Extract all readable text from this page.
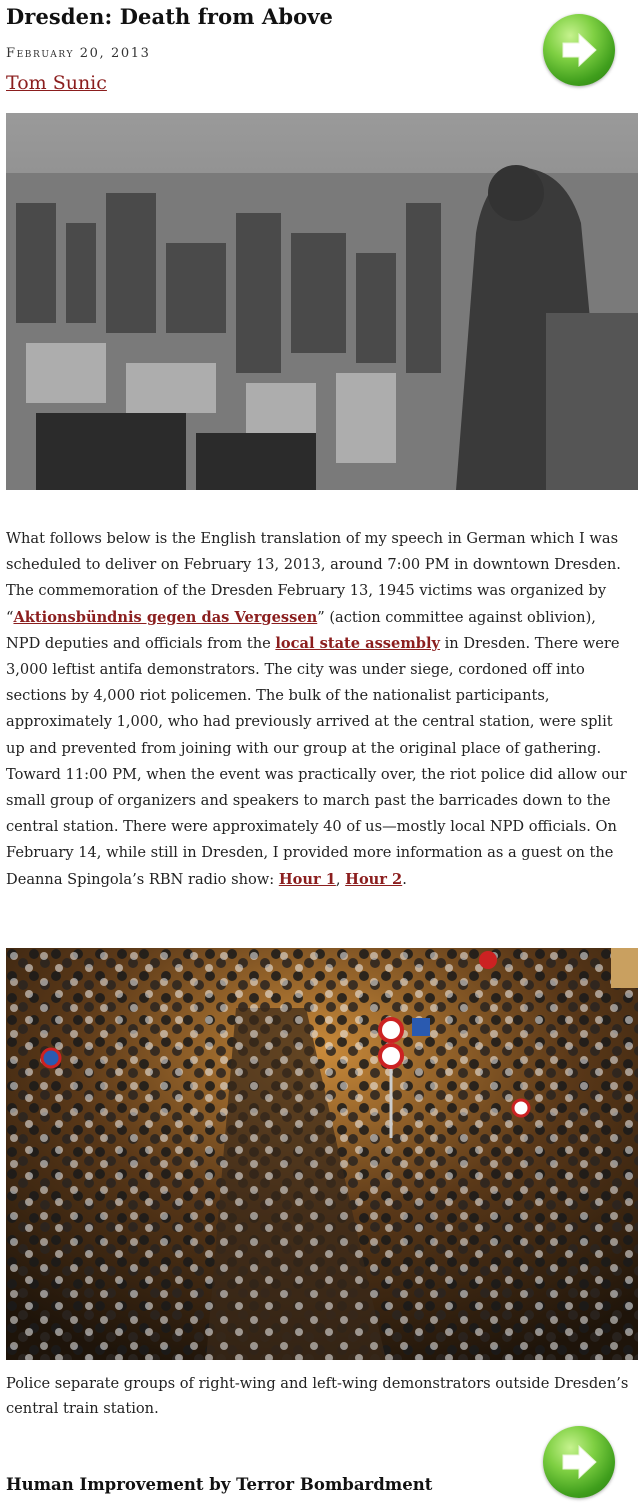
Dresden: Death from Above
February 20, 2013
Tom Sunic
What follows below is the English translation of my speech in German which I was scheduled to deliver on February 13, 2013, around 7:00 PM in downtown Dresden. The commemoration of the Dresden February 13, 1945 victims was organized by “Aktionsbündnis gegen das Vergessen” (action committee against oblivion), NPD deputies and officials from the local state assembly in Dresden. There were 3,000 leftist antifa demonstrators. The city was under siege, cordoned off into sections by 4,000 riot policemen. The bulk of the nationalist participants, approximately 1,000, who had previously arrived at the central station, were split up and prevented from joining with our group at the original place of gathering. Toward 11:00 PM, when the event was practically over, the riot police did allow our small group of organizers and speakers to march past the barricades down to the central station. There were approximately 40 of us—mostly local NPD officials. On February 14, while still in Dresden, I provided more information as a guest on the Deanna Spingola’s RBN radio show: Hour 1, Hour 2.
Police separate groups of right-wing and left-wing demonstrators outside Dresden’s central train station.
Human Improvement by Terror Bombardment
